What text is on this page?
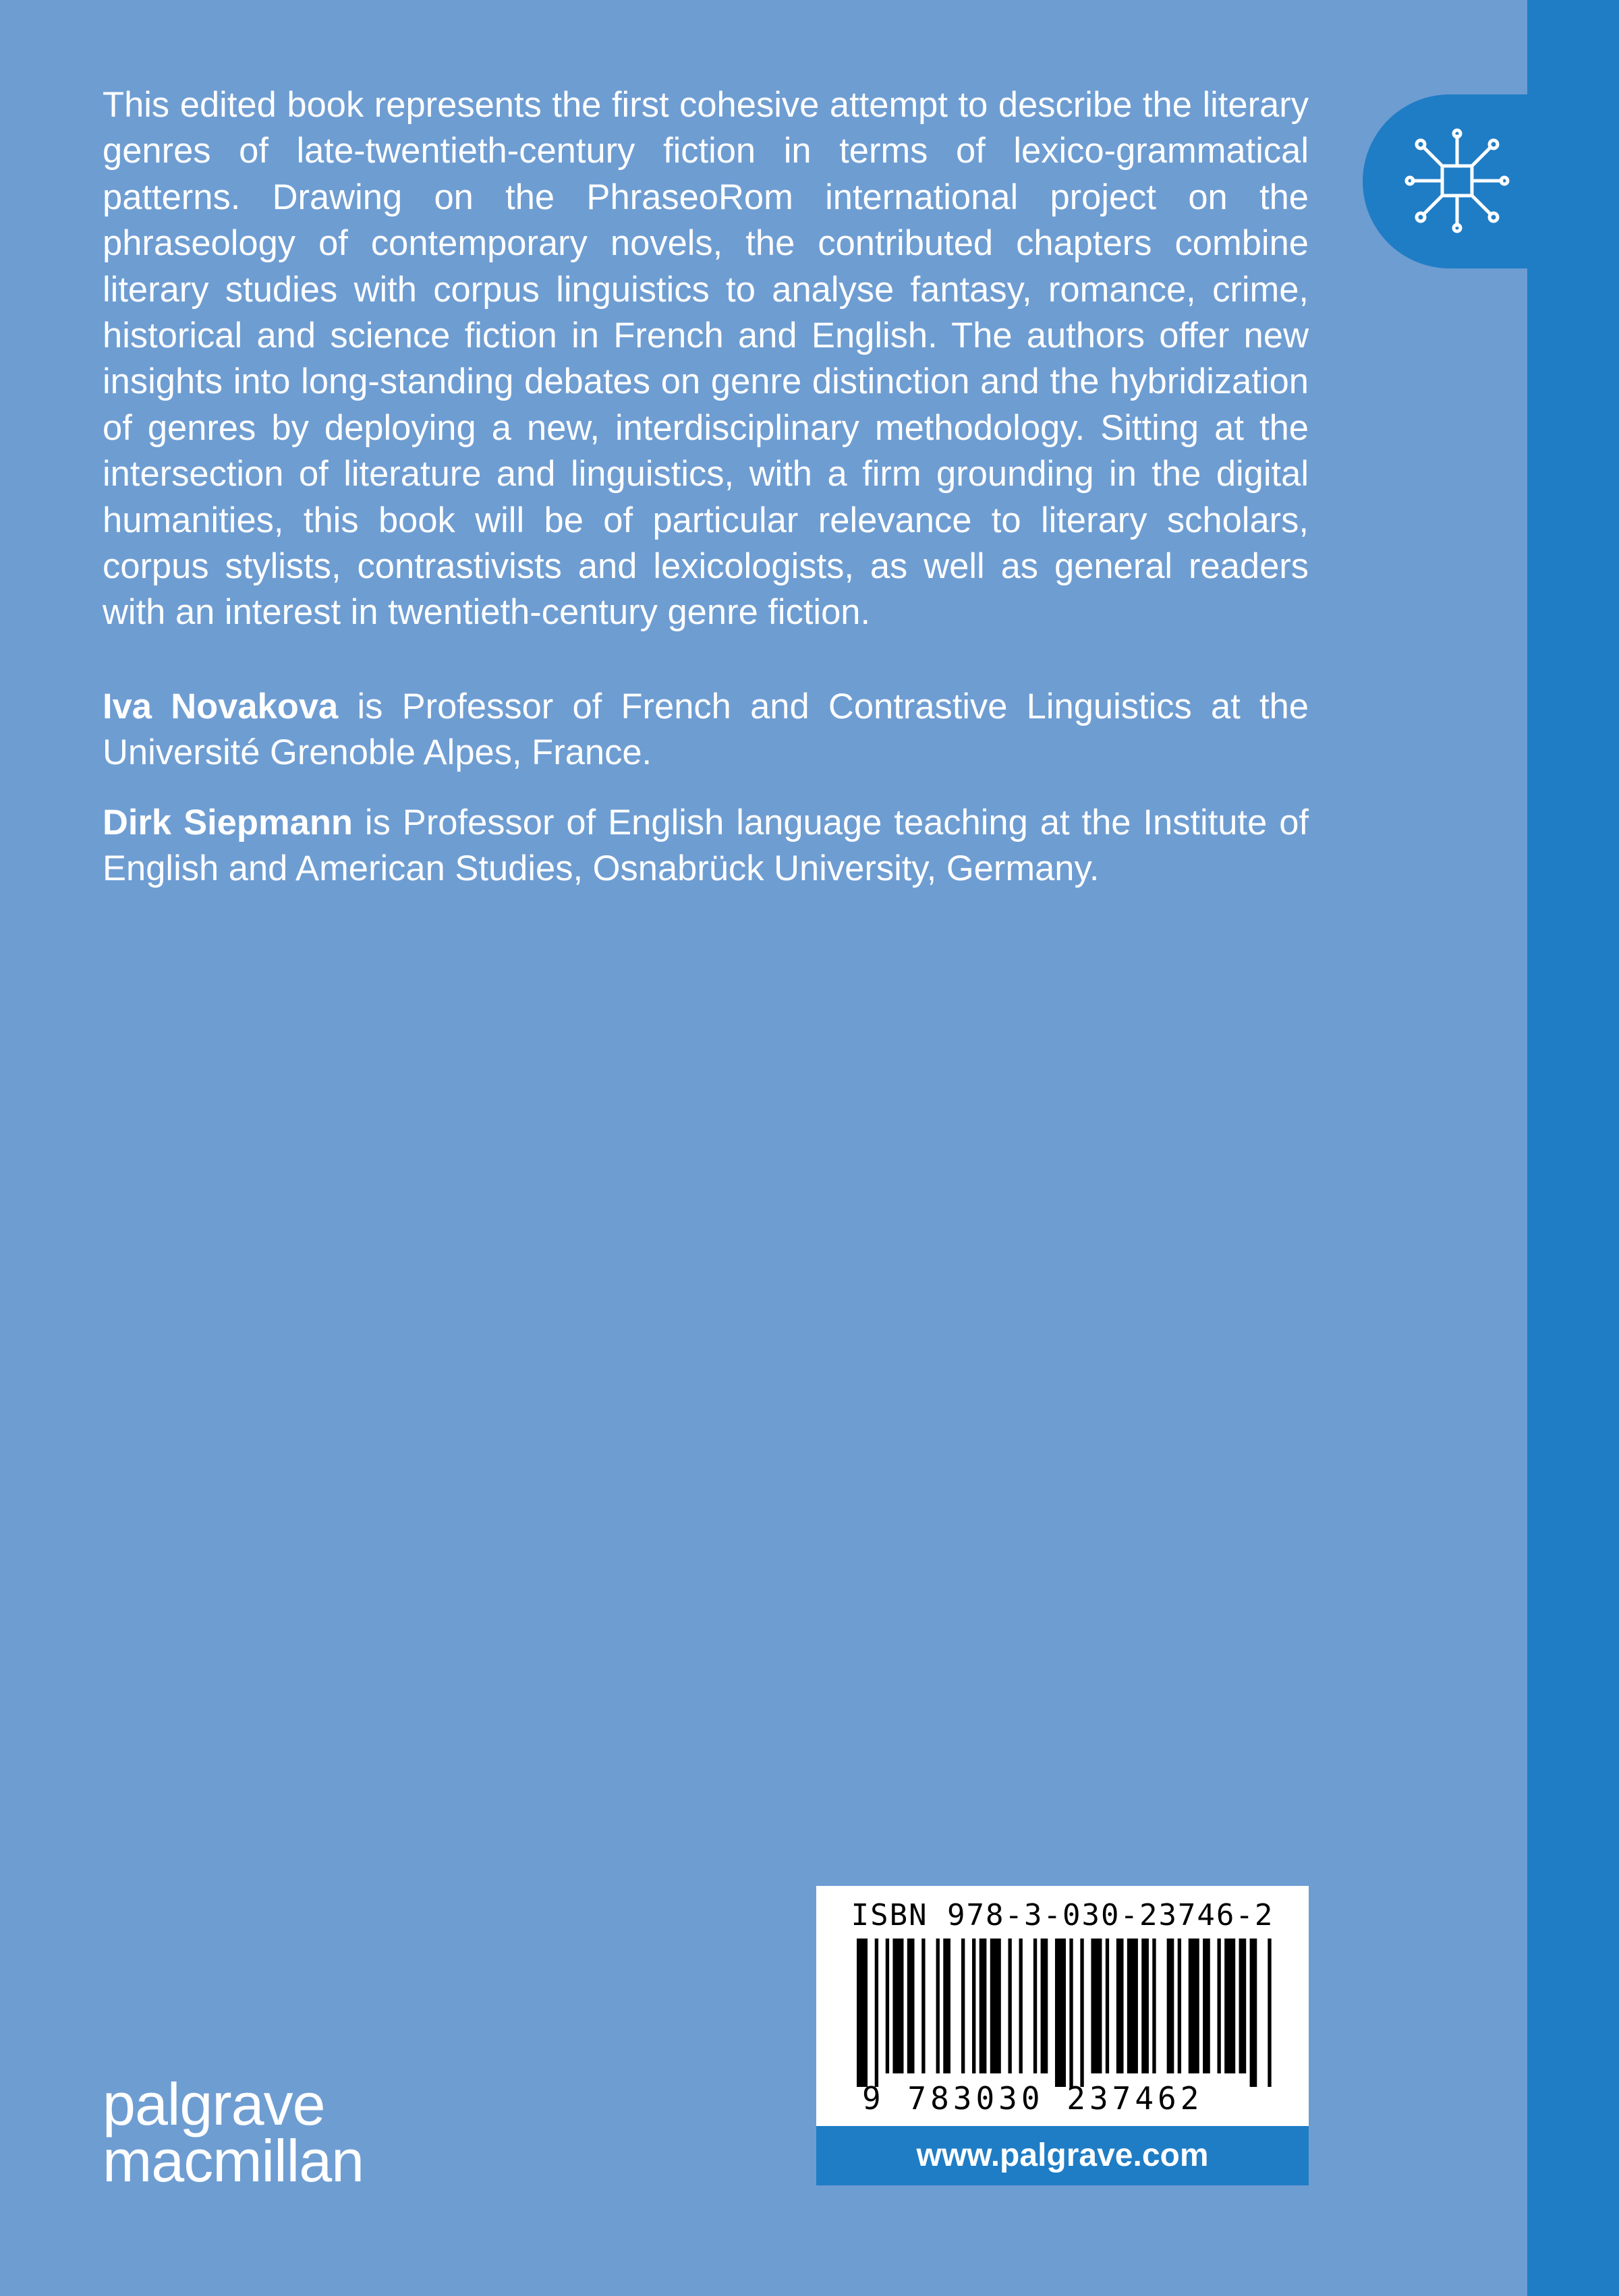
This edited book represents the first cohesive attempt to describe the literary genres of late-twentieth-century fiction in terms of lexico-grammatical patterns. Drawing on the PhraseoRom international project on the phraseology of contemporary novels, the contributed chapters combine literary studies with corpus linguistics to analyse fantasy, romance, crime, historical and science fiction in French and English. The authors offer new insights into long-standing debates on genre distinction and the hybridization of genres by deploying a new, interdisciplinary methodology. Sitting at the intersection of literature and linguistics, with a firm grounding in the digital humanities, this book will be of particular relevance to literary scholars, corpus stylists, contrastivists and lexicologists, as well as general readers with an interest in twentieth-century genre fiction.

Iva Novakova is Professor of French and Contrastive Linguistics at the Université Grenoble Alpes, France.

Dirk Siepmann is Professor of English language teaching at the Institute of English and American Studies, Osnabrück University, Germany.

palgrave
macmillan
ISBN 978-3-030-23746-2
9 783030 237462
www.palgrave.com
